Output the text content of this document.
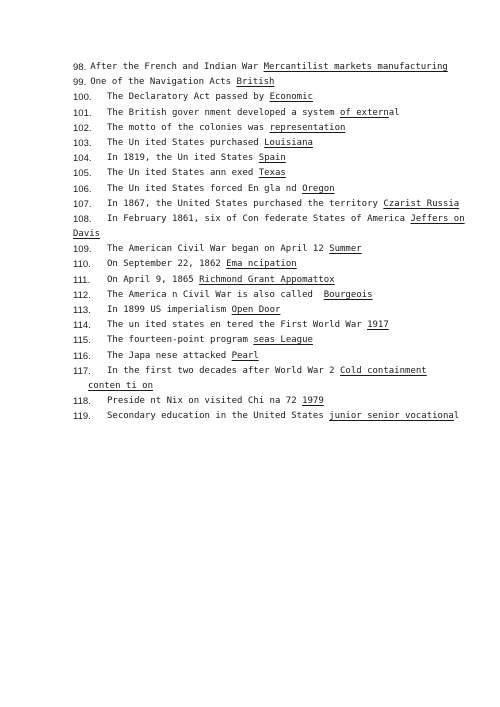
98. After the French and Indian War
Mercantilist markets manufacturing
99. One of the Navigation Acts
British
100.	The Declaratory Act passed by
Economic
101.	The British gover nment developed a system
of extern al
102.	The motto of the colonies was
representation
103.	The Un ited States purchased
Louisiana
104.	In 1819, the Un ited States
Spain
105.	The Un ited States ann exed
Texas
106.	The Un ited States forced En gla nd
Oregon
107.	In 1867, the United States purchased the territory
Czarist Russia
108.	In February 1861, six of Con federate States of America
Jeffers on
Davis
109.	The American Civil War began on April 12
Summer
110.	On September 22, 1862
Ema ncipation
111.	On April 9, 1865
Richmond Grant Appomattox
112.	The America n Civil War is also called
Bourgeois
113.	In 1899 US imperialism
Open Door
114.	The un ited states en tered the First World War
1917
115.	The fourteen-point program
seas League
116.	The Japa nese attacked
Pearl
117.	In the first two decades after World War 2
Cold containment
conten ti on
118.	Preside nt Nix on visited Chi na 72
1979
119.	Secondary education in the United States
junior senior vocationa l
